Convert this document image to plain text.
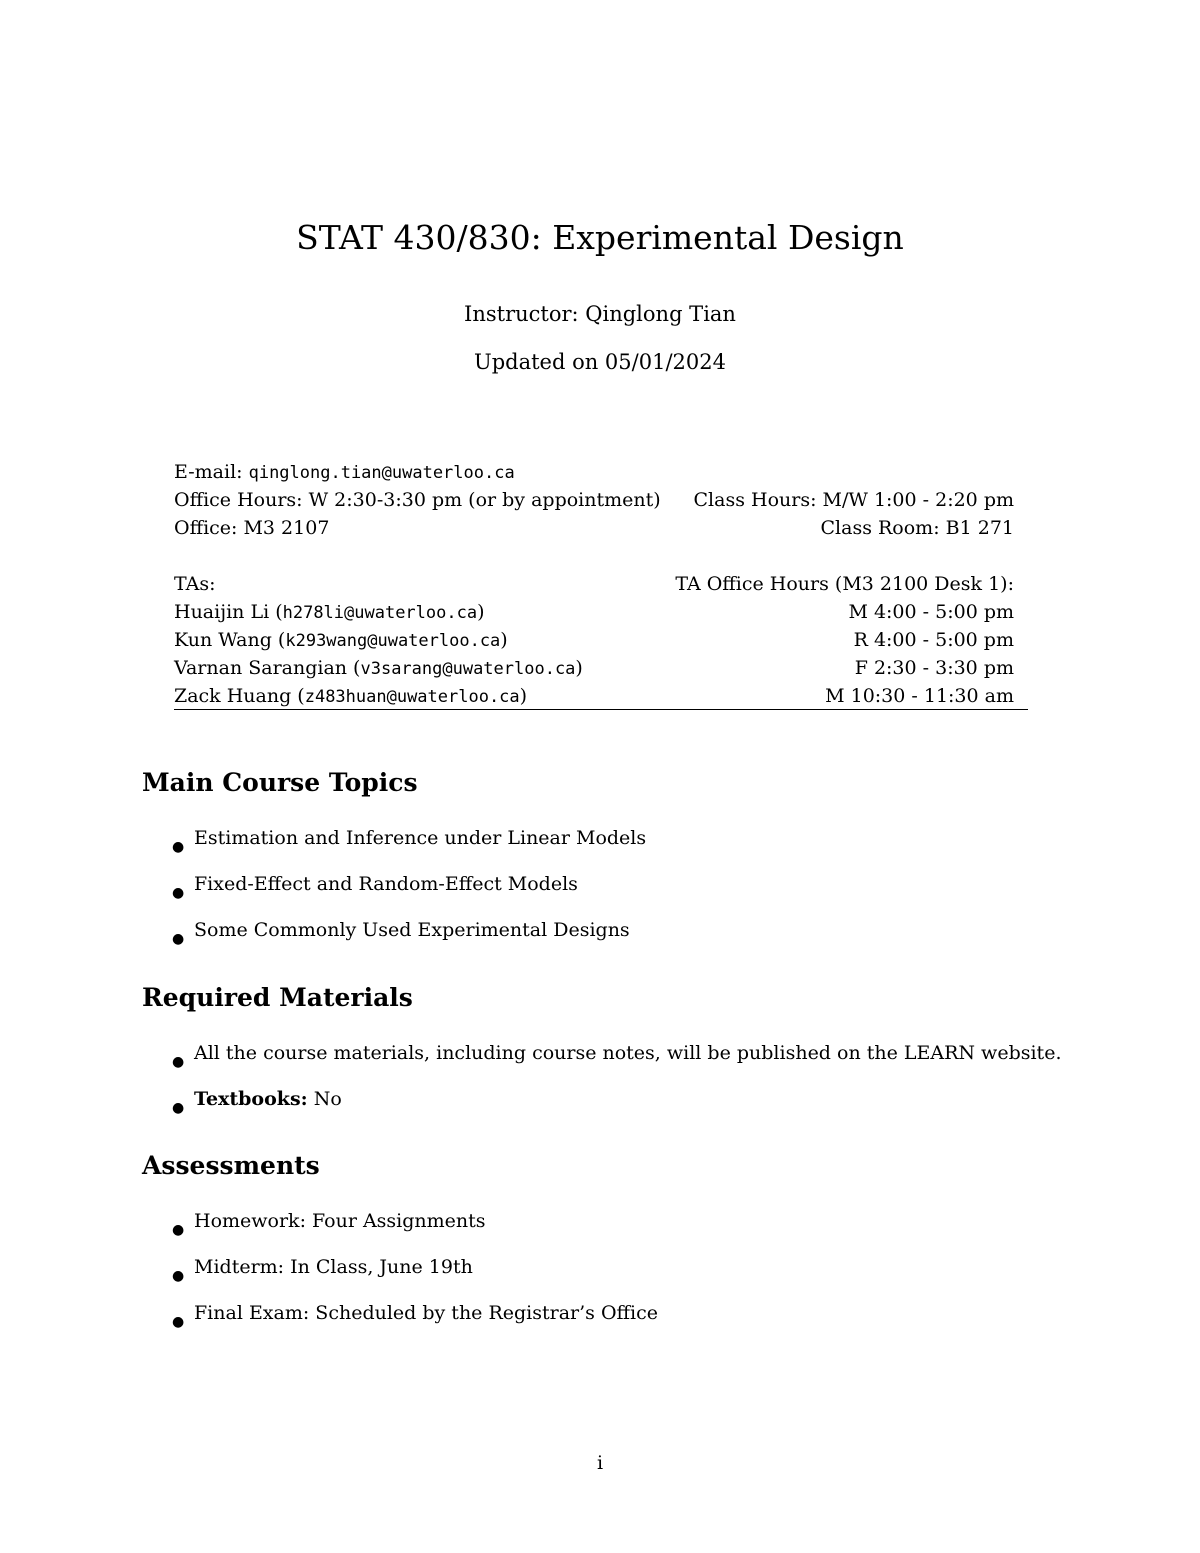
STAT 430/830: Experimental Design
Instructor: Qinglong Tian
Updated on 05/01/2024
E-mail: qinglong.tian@uwaterloo.ca
Office Hours: W 2:30-3:30 pm (or by appointment) Class Hours: M/W 1:00 - 2:20 pm
Office: M3 2107	Class Room: B1 271
TAs:	TA Office Hours (M3 2100 Desk 1):
Huaijin Li (h278li@uwaterloo.ca)	M 4:00 - 5:00 pm
Kun Wang (k293wang@uwaterloo.ca)	R 4:00 - 5:00 pm
Varnan Sarangian (v3sarang@uwaterloo.ca)	F 2:30 - 3:30 pm
Zack Huang (z483huan@uwaterloo.ca)	M 10:30 - 11:30 am
Main Course Topics
● Estimation and Inference under Linear Models
● Fixed-Effect and Random-Effect Models
● Some Commonly Used Experimental Designs
Required Materials
● All the course materials, including course notes, will be published on the LEARN website.
● Textbooks: No
Assessments
● Homework: Four Assignments
● Midterm: In Class, June 19th
● Final Exam: Scheduled by the Registrar’s Office
i
